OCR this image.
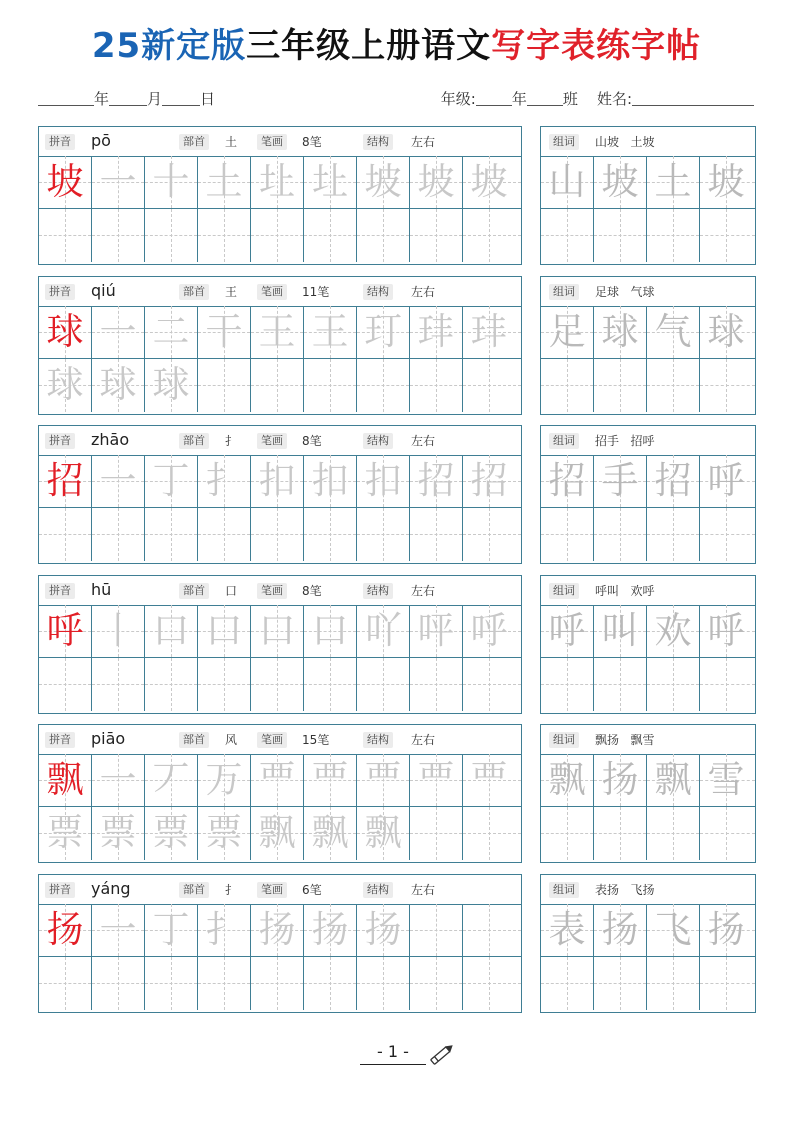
25新定版三年级上册语文写字表练字帖
年	月	日	年级: 年 班 姓名:
拼音 pō	部首	土	笔画	8笔	结构	左右
坡 一 十 土 圵 圵 坡 坡 坡
组词	山坡   土坡
山 坡 土 坡
拼音 qiú	部首	王	笔画	11笔	结构	左右
球 一 二 干 王 王 玎 玤 玤
球 球 球
组词	足球   气球
足 球 气 球
拼音 zhāo	部首	扌	笔画	8笔	结构	左右
招 一 丁 扌 扣 扣 扣 招 招
组词	招手   招呼
招 手 招 呼
拼音 hū	部首	口	笔画	8笔	结构	左右
呼 丨 口 口 口 口 吖 呯 呼
组词	呼叫   欢呼
呼 叫 欢 呼
拼音 piāo	部首	风	笔画	15笔	结构	左右
飘 一 丆 万 覀 覀 覀 覀 覀
票 票 票 票 飘 飘 飘
组词	飘扬   飘雪
飘 扬 飘 雪
拼音 yáng	部首	扌	笔画	6笔	结构	左右
扬 一 丁 扌 扬 扬 扬
组词	表扬   飞扬
表 扬 飞 扬
- 1 -
